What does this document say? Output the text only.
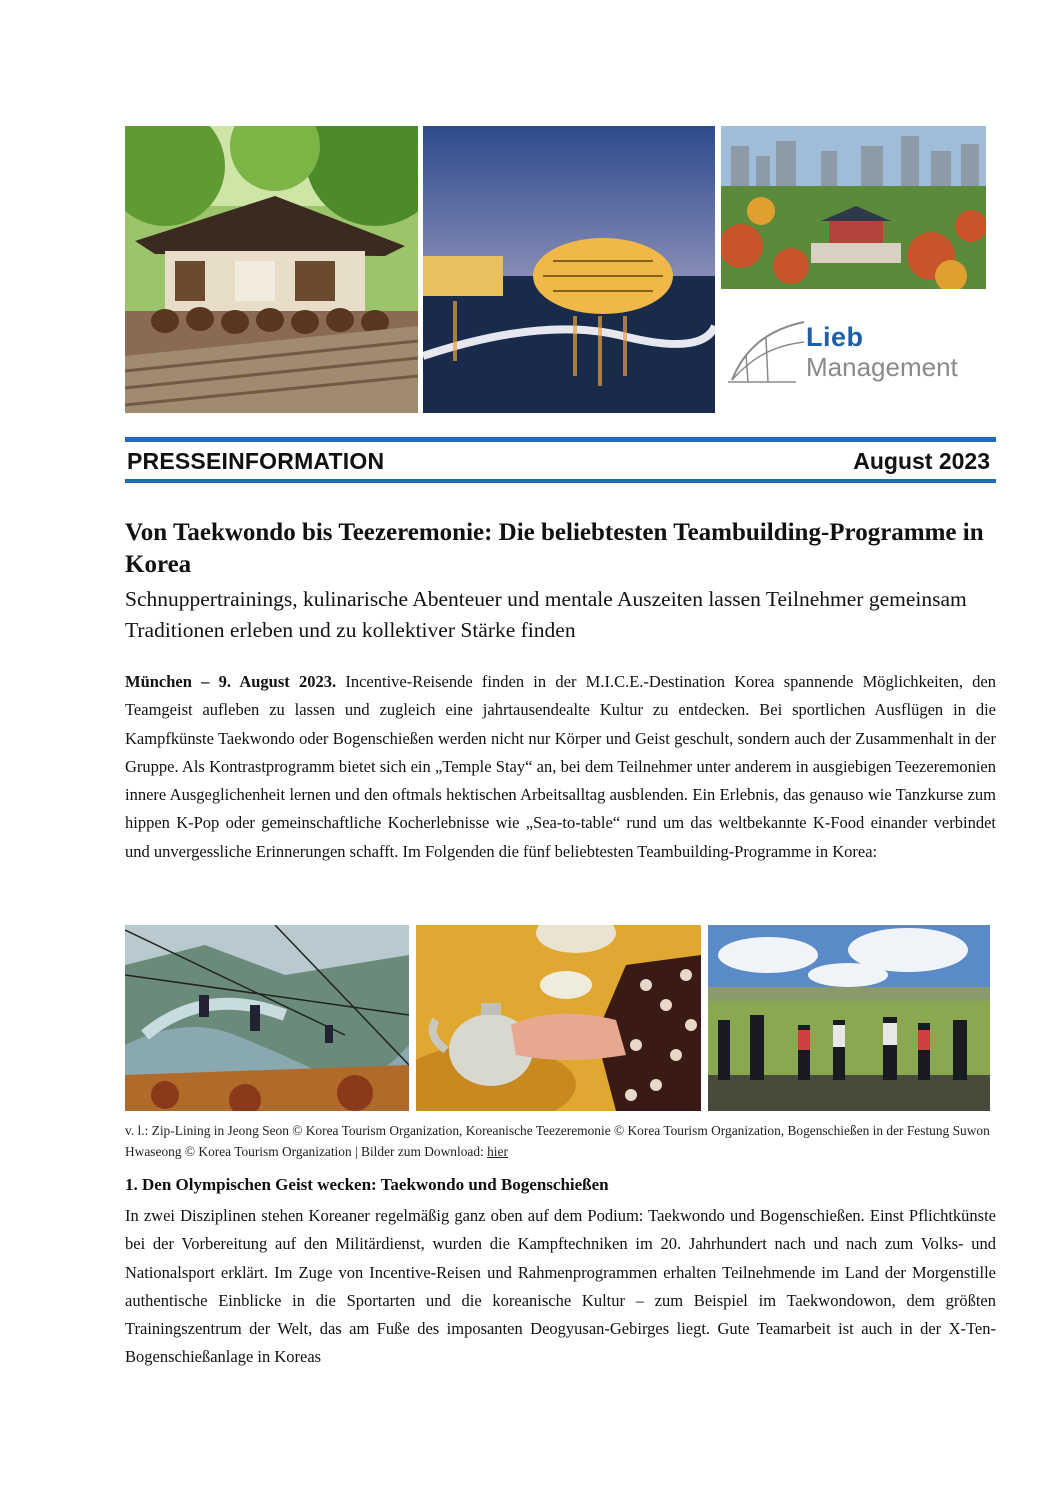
Lieb
Management
PRESSEINFORMATION	August 2023
Von Taekwondo bis Teezeremonie: Die beliebtesten Teambuilding-Programme in Korea
Schnuppertrainings, kulinarische Abenteuer und mentale Auszeiten lassen Teilnehmer gemeinsam Traditionen erleben und zu kollektiver Stärke finden
München – 9. August 2023. Incentive-Reisende finden in der M.I.C.E.-Destination Korea spannende Möglichkeiten, den Teamgeist aufleben zu lassen und zugleich eine jahrtausendealte Kultur zu entdecken. Bei sportlichen Ausflügen in die Kampfkünste Taekwondo oder Bogenschießen werden nicht nur Körper und Geist geschult, sondern auch der Zusammenhalt in der Gruppe. Als Kontrastprogramm bietet sich ein „Temple Stay“ an, bei dem Teilnehmer unter anderem in ausgiebigen Teezeremonien innere Ausgeglichenheit lernen und den oftmals hektischen Arbeitsalltag ausblenden. Ein Erlebnis, das genauso wie Tanzkurse zum hippen K-Pop oder gemeinschaftliche Kocherlebnisse wie „Sea-to-table“ rund um das weltbekannte K-Food einander verbindet und unvergessliche Erinnerungen schafft. Im Folgenden die fünf beliebtesten Teambuilding-Programme in Korea:
v. l.: Zip-Lining in Jeong Seon © Korea Tourism Organization, Koreanische Teezeremonie © Korea Tourism Organization, Bogenschießen in der Festung Suwon Hwaseong © Korea Tourism Organization | Bilder zum Download: hier
1. Den Olympischen Geist wecken: Taekwondo und Bogenschießen
In zwei Disziplinen stehen Koreaner regelmäßig ganz oben auf dem Podium: Taekwondo und Bogenschießen. Einst Pflichtkünste bei der Vorbereitung auf den Militärdienst, wurden die Kampftechniken im 20. Jahrhundert nach und nach zum Volks- und Nationalsport erklärt. Im Zuge von Incentive-Reisen und Rahmenprogrammen erhalten Teilnehmende im Land der Morgenstille authentische Einblicke in die Sportarten und die koreanische Kultur – zum Beispiel im Taekwondowon, dem größten Trainingszentrum der Welt, das am Fuße des imposanten Deogyusan-Gebirges liegt. Gute Teamarbeit ist auch in der X-Ten-Bogenschießanlage in Koreas
